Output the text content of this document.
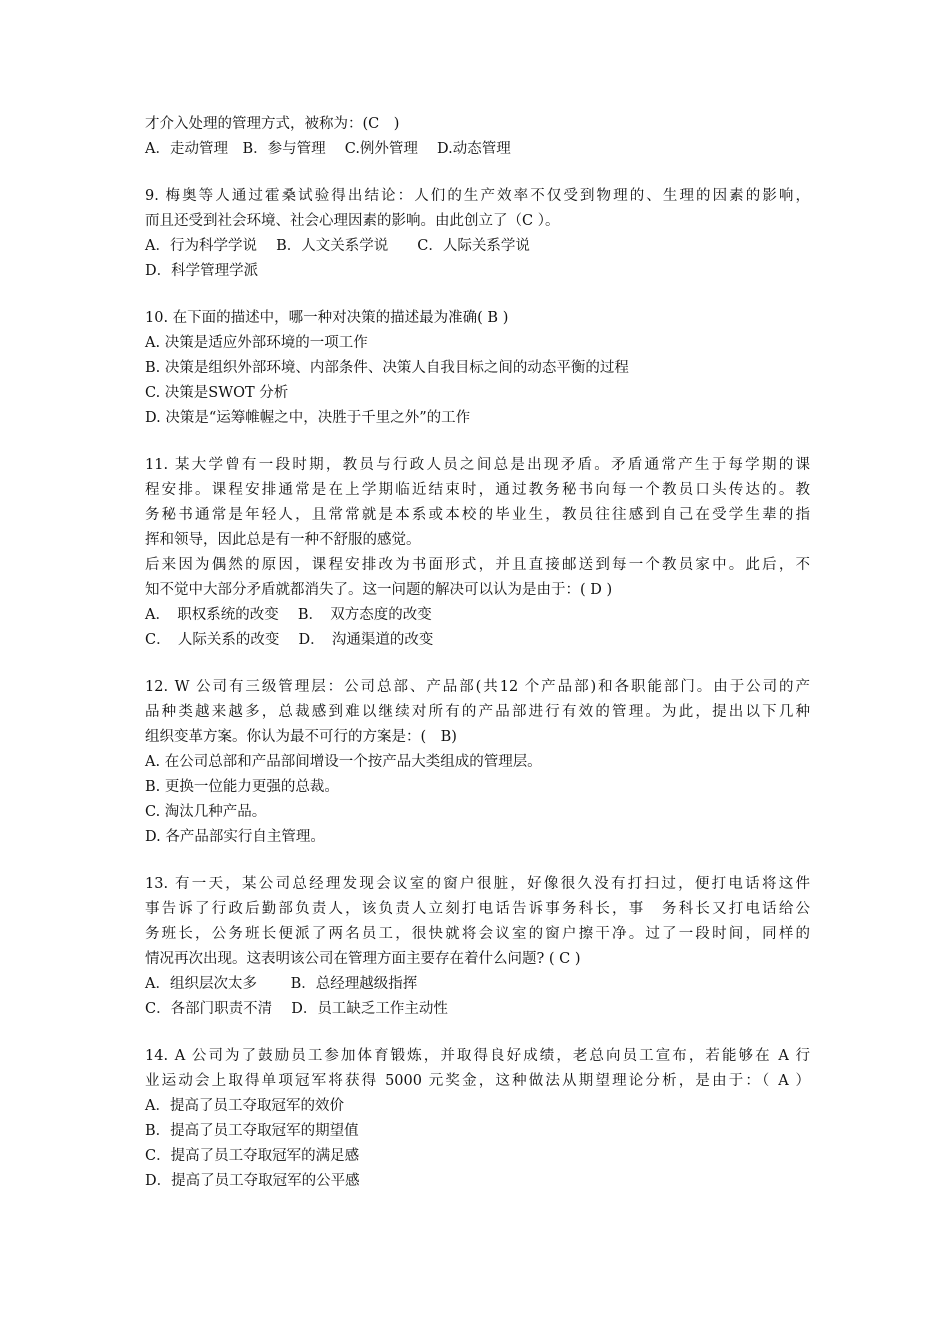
才介入处理的管理方式，被称为：(C　)
A．走动管理　B．参与管理　 C.例外管理　 D.动态管理
9. 梅奥等人通过霍桑试验得出结论：人们的生产效率不仅受到物理的、生理的因素的影响，
而且还受到社会环境、社会心理因素的影响。由此创立了（C ）。
A．行为科学学说　 B．人文关系学说　　C．人际关系学说
D．科学管理学派
10. 在下面的描述中，哪一种对决策的描述最为准确( B )
A. 决策是适应外部环境的一项工作
B. 决策是组织外部环境、内部条件、决策人自我目标之间的动态平衡的过程
C. 决策是SWOT 分析
D. 决策是“运筹帷幄之中，决胜于千里之外”的工作
11. 某大学曾有一段时期，教员与行政人员之间总是出现矛盾。矛盾通常产生于每学期的课
程安排。课程安排通常是在上学期临近结束时，通过教务秘书向每一个教员口头传达的。教
务秘书通常是年轻人，且常常就是本系或本校的毕业生，教员往往感到自己在受学生辈的指
挥和领导，因此总是有一种不舒服的感觉。
后来因为偶然的原因，课程安排改为书面形式，并且直接邮送到每一个教员家中。此后，不
知不觉中大部分矛盾就都消失了。这一问题的解决可以认为是由于：( D )
A．　职权系统的改变　 B．　双方态度的改变
C．　人际关系的改变　 D．　沟通渠道的改变
12. W 公司有三级管理层：公司总部、产品部(共12 个产品部)和各职能部门。由于公司的产
品种类越来越多，总裁感到难以继续对所有的产品部进行有效的管理。为此，提出以下几种
组织变革方案。你认为最不可行的方案是：(　B)
A. 在公司总部和产品部间增设一个按产品大类组成的管理层。
B. 更换一位能力更强的总裁。
C. 淘汰几种产品。
D. 各产品部实行自主管理。
13. 有一天，某公司总经理发现会议室的窗户很脏，好像很久没有打扫过，便打电话将这件
事告诉了行政后勤部负责人，该负责人立刻打电话告诉事务科长，事　务科长又打电话给公
务班长，公务班长便派了两名员工，很快就将会议室的窗户擦干净。过了一段时间，同样的
情况再次出现。这表明该公司在管理方面主要存在着什么问题? ( C )
A．组织层次太多　　 B．总经理越级指挥
C．各部门职责不清　 D．员工缺乏工作主动性
14. A 公司为了鼓励员工参加体育锻炼，并取得良好成绩，老总向员工宣布，若能够在 A 行
业运动会上取得单项冠军将获得 5000 元奖金，这种做法从期望理论分析，是由于：（ A ）
A．提高了员工夺取冠军的效价
B．提高了员工夺取冠军的期望值
C．提高了员工夺取冠军的满足感
D．提高了员工夺取冠军的公平感
